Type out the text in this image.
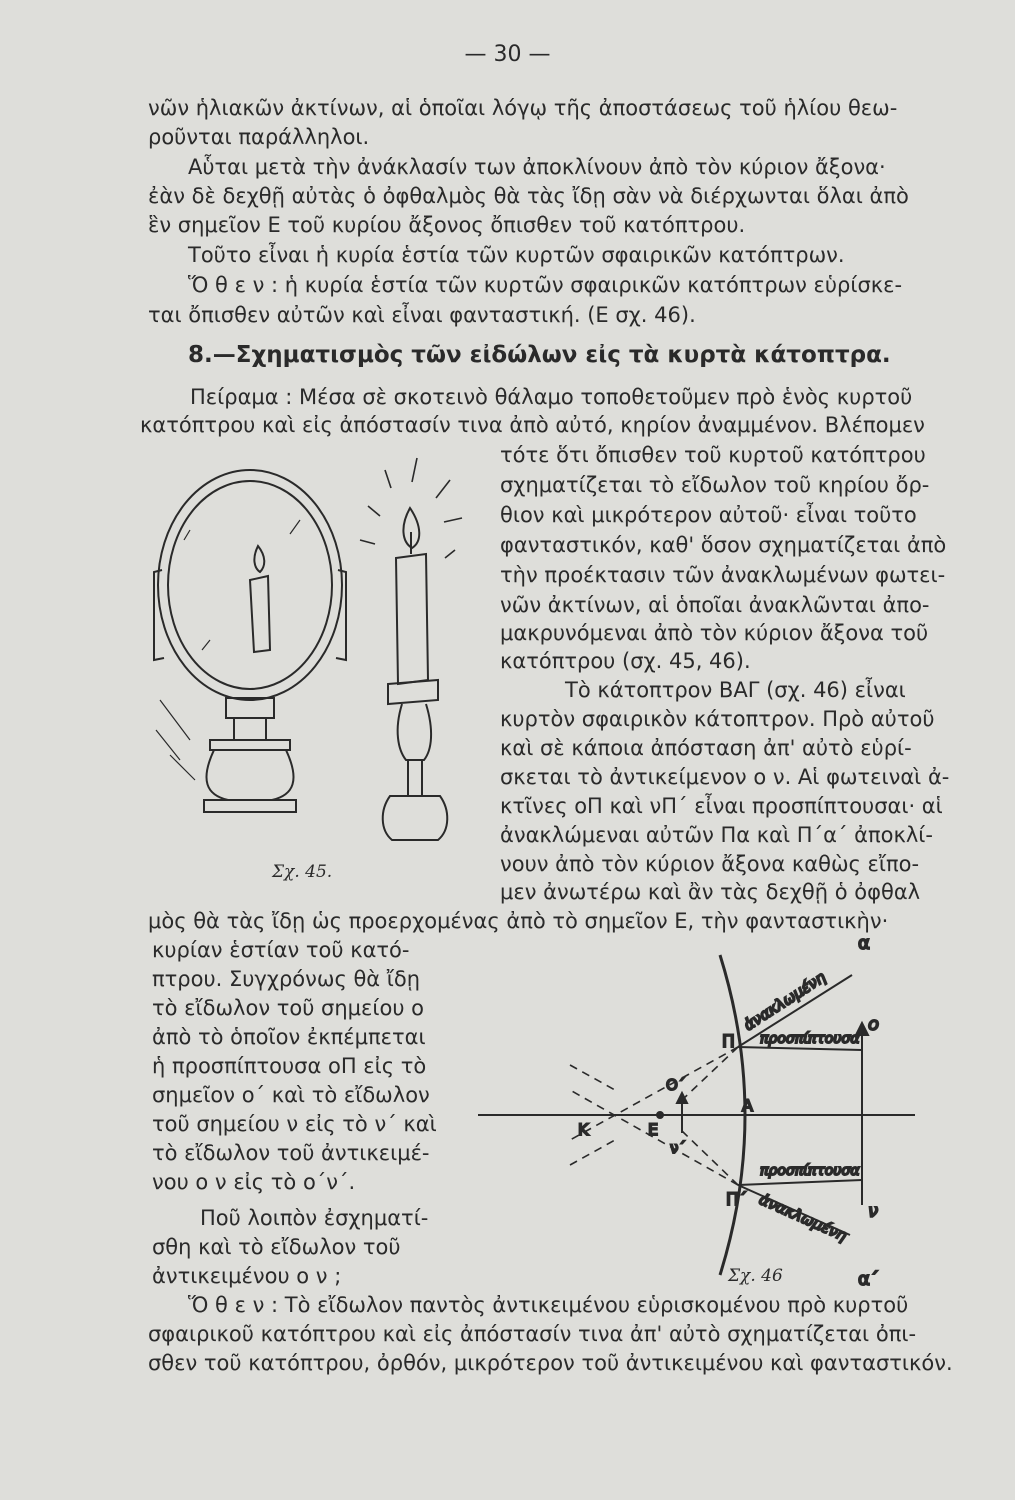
— 30 —
νῶν ἡλιακῶν ἀκτίνων, αἱ ὁποῖαι λόγῳ τῆς ἀποστάσεως τοῦ ἡλίου θεω-
ροῦνται παράλληλοι.
Αὗται μετὰ τὴν ἀνάκλασίν των ἀποκλίνουν ἀπὸ τὸν κύριον ἄξονα·
ἐὰν δὲ δεχθῇ αὐτὰς ὁ ὀφθαλμὸς θὰ τὰς ἴδῃ σὰν νὰ διέρχωνται ὅλαι ἀπὸ
ἓν σημεῖον Ε τοῦ κυρίου ἄξονος ὄπισθεν τοῦ κατόπτρου.
Τοῦτο εἶναι ἡ κυρία ἑστία τῶν κυρτῶν σφαιρικῶν κατόπτρων.
Ὅ θ ε ν : ἡ κυρία ἑστία τῶν κυρτῶν σφαιρικῶν κατόπτρων εὑρίσκε-
ται ὄπισθεν αὐτῶν καὶ εἶναι φανταστική. (Ε σχ. 46).
8.—Σχηματισμὸς τῶν εἰδώλων εἰς τὰ κυρτὰ κάτοπτρα.
Πείραμα : Μέσα σὲ σκοτεινὸ θάλαμο τοποθετοῦμεν πρὸ ἑνὸς κυρτοῦ
κατόπτρου καὶ εἰς ἀπόστασίν τινα ἀπὸ αὐτό, κηρίον ἀναμμένον. Βλέπομεν
τότε ὅτι ὄπισθεν τοῦ κυρτοῦ κατόπτρου
σχηματίζεται τὸ εἴδωλον τοῦ κηρίου ὄρ-
θιον καὶ μικρότερον αὐτοῦ· εἶναι τοῦτο
φανταστικόν, καθ' ὅσον σχηματίζεται ἀπὸ
τὴν προέκτασιν τῶν ἀνακλωμένων φωτει-
νῶν ἀκτίνων, αἱ ὁποῖαι ἀνακλῶνται ἀπο-
μακρυνόμεναι ἀπὸ τὸν κύριον ἄξονα τοῦ
κατόπτρου (σχ. 45, 46).
Τὸ κάτοπτρον ΒΑΓ (σχ. 46) εἶναι
κυρτὸν σφαιρικὸν κάτοπτρον. Πρὸ αὐτοῦ
καὶ σὲ κάποια ἀπόσταση ἀπ' αὐτὸ εὑρί-
σκεται τὸ ἀντικείμενον ο ν. Αἱ φωτειναὶ ἀ-
κτῖνες οΠ καὶ νΠ΄ εἶναι προσπίπτουσαι· αἱ
ἀνακλώμεναι αὐτῶν Πα καὶ Π΄α΄ ἀποκλί-
νουν ἀπὸ τὸν κύριον ἄξονα καθὼς εἴπο-
μεν ἀνωτέρω καὶ ἂν τὰς δεχθῇ ὁ ὀφθαλ
Σχ. 45.
μὸς θὰ τὰς ἴδῃ ὡς προερχομένας ἀπὸ τὸ σημεῖον Ε, τὴν φανταστικὴν·
κυρίαν ἑστίαν τοῦ κατό-
πτρου. Συγχρόνως θὰ ἴδῃ
τὸ εἴδωλον τοῦ σημείου ο
ἀπὸ τὸ ὁποῖον ἐκπέμπεται
ἡ προσπίπτουσα οΠ εἰς τὸ
σημεῖον ο΄ καὶ τὸ εἴδωλον
τοῦ σημείου ν εἰς τὸ ν΄ καὶ
τὸ εἴδωλον τοῦ ἀντικειμέ-
νου ο ν εἰς τὸ ο΄ν΄.
Ποῦ λοιπὸν ἐσχηματί-
σθη καὶ τὸ εἴδωλον τοῦ
ἀντικειμένου ο ν ;
Ὅ θ ε ν : Τὸ εἴδωλον παντὸς ἀντικειμένου εὑρισκομένου πρὸ κυρτοῦ
σφαιρικοῦ κατόπτρου καὶ εἰς ἀπόστασίν τινα ἀπ' αὐτὸ σχηματίζεται ὀπι-
σθεν τοῦ κατόπτρου, ὀρθόν, μικρότερον τοῦ ἀντικειμένου καὶ φανταστικόν.
α
α΄
ἀνακλωμένη
ἀνακλωμένη
προσπίπτουσα
προσπίπτουσα
Π
Π΄
ο
ν
Ο΄
ν΄
Α
Κ	Ε
Σχ. 46
